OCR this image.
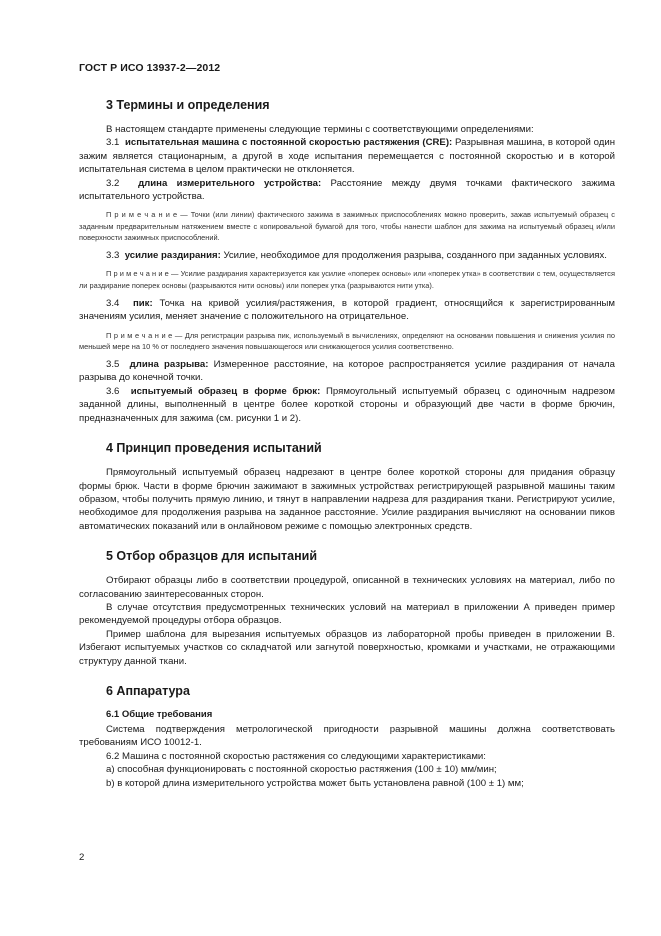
ГОСТ Р ИСО 13937-2—2012
3 Термины и определения

В настоящем стандарте применены следующие термины с соответствующими определениями:

3.1 испытательная машина с постоянной скоростью растяжения (CRE): Разрывная машина, в которой один зажим является стационарным, а другой в ходе испытания перемещается с постоянной скоростью и в которой испытательная система в целом практически не отклоняется.

3.2 длина измерительного устройства: Расстояние между двумя точками фактического зажима испытательного устройства.

П р и м е ч а н и е — Точки (или линии) фактического зажима в зажимных приспособлениях можно проверить, зажав испытуемый образец с заданным предварительным натяжением вместе с копировальной бумагой для того, чтобы нанести шаблон для зажима на испытуемый образец и/или поверхности зажимных приспособлений.

3.3 усилие раздирания: Усилие, необходимое для продолжения разрыва, созданного при заданных условиях.

П р и м е ч а н и е — Усилие раздирания характеризуется как усилие «поперек основы» или «поперек утка» в соответствии с тем, осуществляется ли раздирание поперек основы (разрываются нити основы) или поперек утка (разрываются нити утка).

3.4 пик: Точка на кривой усилия/растяжения, в которой градиент, относящийся к зарегистрированным значениям усилия, меняет значение с положительного на отрицательное.

П р и м е ч а н и е — Для регистрации разрыва пик, используемый в вычислениях, определяют на основании повышения и снижения усилия по меньшей мере на 10 % от последнего значения повышающегося или снижающегося усилия соответственно.

3.5 длина разрыва: Измеренное расстояние, на которое распространяется усилие раздирания от начала разрыва до конечной точки.

3.6 испытуемый образец в форме брюк: Прямоугольный испытуемый образец с одиночным надрезом заданной длины, выполненный в центре более короткой стороны и образующий две части в форме брючин, предназначенных для зажима (см. рисунки 1 и 2).

4 Принцип проведения испытаний

Прямоугольный испытуемый образец надрезают в центре более короткой стороны для придания образцу формы брюк. Части в форме брючин зажимают в зажимных устройствах регистрирующей разрывной машины таким образом, чтобы получить прямую линию, и тянут в направлении надреза для раздирания ткани. Регистрируют усилие, необходимое для продолжения разрыва на заданное расстояние. Усилие раздирания вычисляют на основании пиков автоматических показаний или в онлайновом режиме с помощью электронных средств.

5 Отбор образцов для испытаний

Отбирают образцы либо в соответствии процедурой, описанной в технических условиях на материал, либо по согласованию заинтересованных сторон.

В случае отсутствия предусмотренных технических условий на материал в приложении А приведен пример рекомендуемой процедуры отбора образцов.

Пример шаблона для вырезания испытуемых образцов из лабораторной пробы приведен в приложении В. Избегают испытуемых участков со складчатой или загнутой поверхностью, кромками и участками, не отражающими структуру данной ткани.

6 Аппаратура
6.1 Общие требования

Система подтверждения метрологической пригодности разрывной машины должна соответствовать требованиям ИСО 10012-1.

6.2 Машина с постоянной скоростью растяжения со следующими характеристиками:

а) способная функционировать с постоянной скоростью растяжения (100 ± 10) мм/мин;

b) в которой длина измерительного устройства может быть установлена равной (100 ± 1) мм;

2
